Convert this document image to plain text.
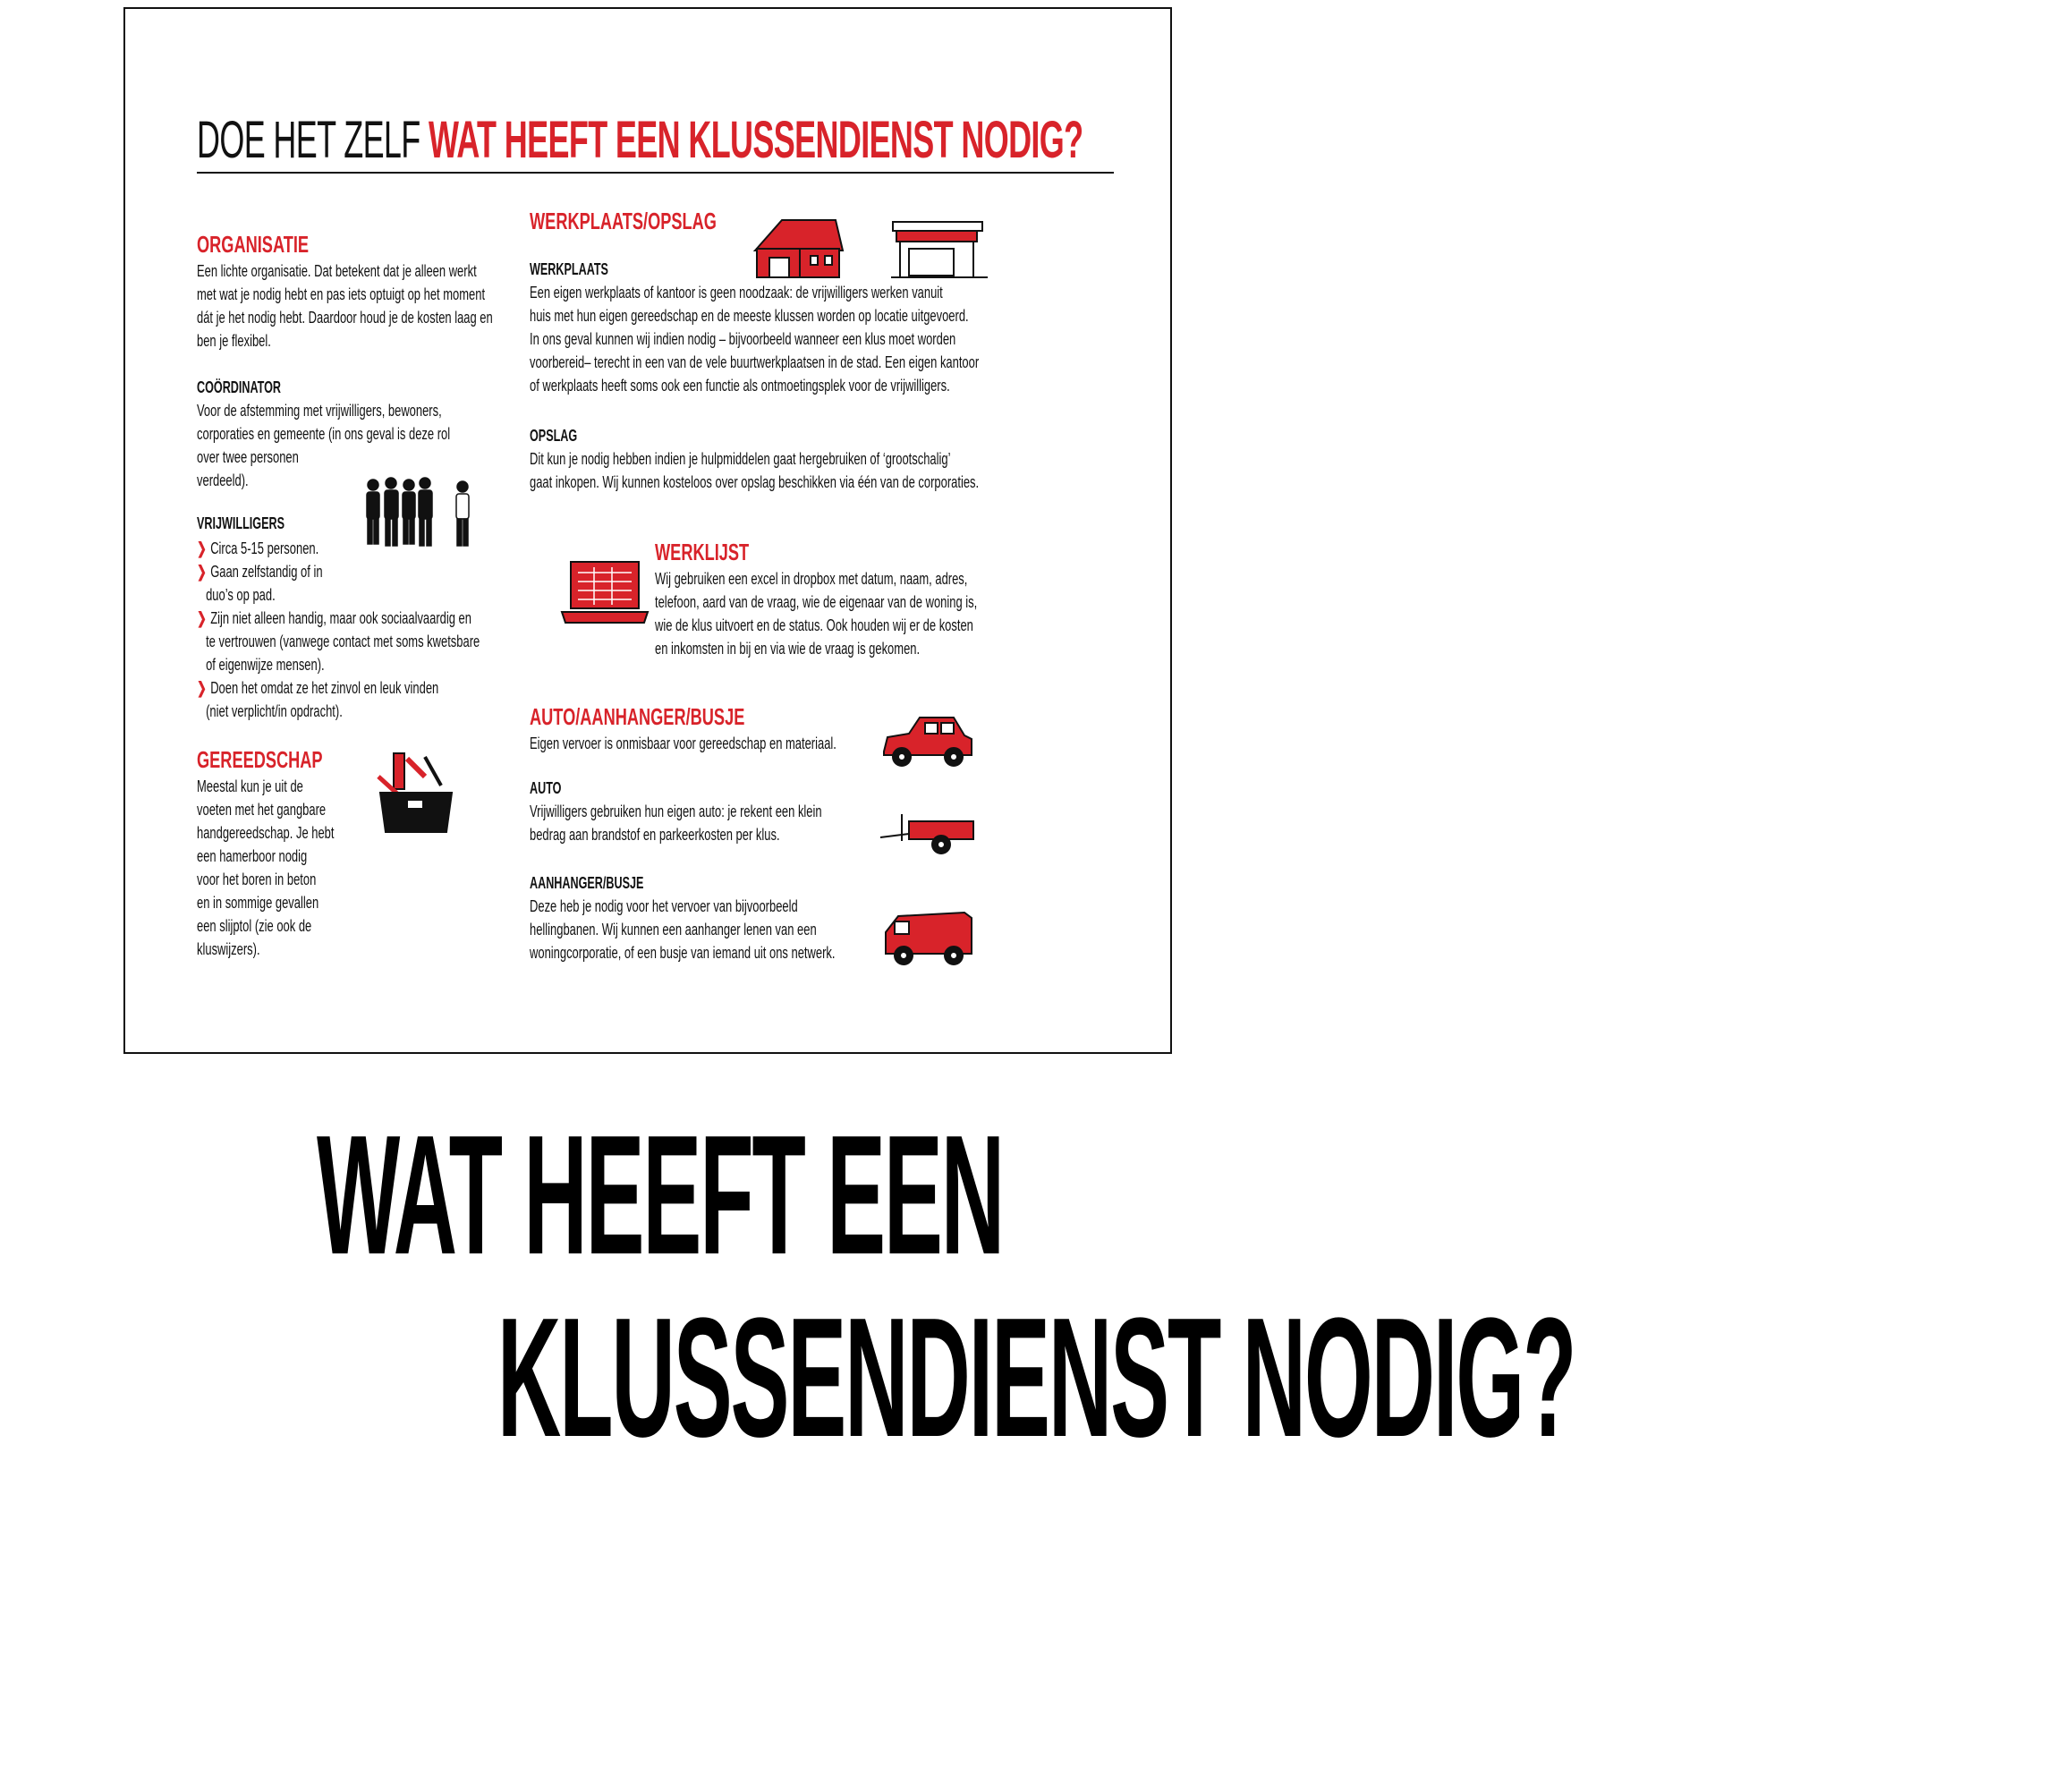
DOE HET ZELF WAT HEEFT EEN KLUSSENDIENST NODIG?
ORGANISATIE
Een lichte organisatie. Dat betekent dat je alleen werkt
met wat je nodig hebt en pas iets optuigt op het moment
dát je het nodig hebt. Daardoor houd je de kosten laag en
ben je flexibel.
COÖRDINATOR
Voor de afstemming met vrijwilligers, bewoners,
corporaties en gemeente (in ons geval is deze rol
over twee personen
verdeeld).
VRIJWILLIGERS
❯ Circa 5-15 personen.
❯ Gaan zelfstandig of in
duo’s op pad.
❯ Zijn niet alleen handig, maar ook sociaalvaardig en
te vertrouwen (vanwege contact met soms kwetsbare
of eigenwijze mensen).
❯ Doen het omdat ze het zinvol en leuk vinden
(niet verplicht/in opdracht).
GEREEDSCHAP
Meestal kun je uit de
voeten met het gangbare
handgereedschap. Je hebt
een hamerboor nodig
voor het boren in beton
en in sommige gevallen
een slijptol (zie ook de
kluswijzers).
WERKPLAATS/OPSLAG
WERKPLAATS
Een eigen werkplaats of kantoor is geen noodzaak: de vrijwilligers werken vanuit
huis met hun eigen gereedschap en de meeste klussen worden op locatie uitgevoerd.
In ons geval kunnen wij indien nodig – bijvoorbeeld wanneer een klus moet worden
voorbereid– terecht in een van de vele buurtwerkplaatsen in de stad. Een eigen kantoor
of werkplaats heeft soms ook een functie als ontmoetingsplek voor de vrijwilligers.
OPSLAG
Dit kun je nodig hebben indien je hulpmiddelen gaat hergebruiken of ‘grootschalig’
gaat inkopen. Wij kunnen kosteloos over opslag beschikken via één van de corporaties.
WERKLIJST
Wij gebruiken een excel in dropbox met datum, naam, adres,
telefoon, aard van de vraag, wie de eigenaar van de woning is,
wie de klus uitvoert en de status. Ook houden wij er de kosten
en inkomsten in bij en via wie de vraag is gekomen.
AUTO/AANHANGER/BUSJE
Eigen vervoer is onmisbaar voor gereedschap en materiaal.
AUTO
Vrijwilligers gebruiken hun eigen auto: je rekent een klein
bedrag aan brandstof en parkeerkosten per klus.
AANHANGER/BUSJE
Deze heb je nodig voor het vervoer van bijvoorbeeld
hellingbanen. Wij kunnen een aanhanger lenen van een
woningcorporatie, of een busje van iemand uit ons netwerk.
WAT HEEFT EEN
KLUSSENDIENST NODIG?
